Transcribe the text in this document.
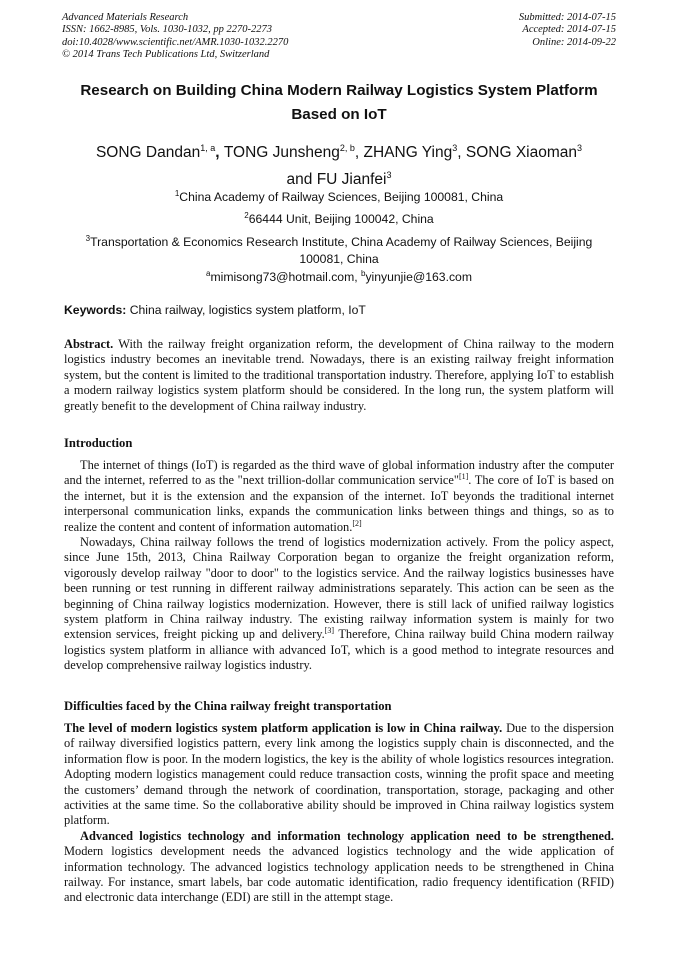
Advanced Materials Research
ISSN: 1662-8985, Vols. 1030-1032, pp 2270-2273
doi:10.4028/www.scientific.net/AMR.1030-1032.2270
© 2014 Trans Tech Publications Ltd, Switzerland
Submitted: 2014-07-15
Accepted: 2014-07-15
Online: 2014-09-22
Research on Building China Modern Railway Logistics System Platform
Based on IoT
SONG Dandan$^{1, a}$, TONG Junsheng$^{2, b}$, ZHANG Ying$^3$, SONG Xiaoman$^3$
and FU Jianfei$^3$
$^1$China Academy of Railway Sciences, Beijing 100081, China
$^2$66444 Unit, Beijing 100042, China
$^3$Transportation & Economics Research Institute, China Academy of Railway Sciences, Beijing 100081, China
$^a$mimisong73@hotmail.com, $^b$yinyunjie@163.com
Keywords: China railway, logistics system platform, IoT

Abstract. With the railway freight organization reform, the development of China railway to the modern logistics industry becomes an inevitable trend. Nowadays, there is an existing railway freight information system, but the content is limited to the traditional transportation industry. Therefore, applying IoT to establish a modern railway logistics system platform should be considered. In the long run, the system platform will greatly benefit to the development of China railway industry.

Introduction

The internet of things (IoT) is regarded as the third wave of global information industry after the computer and the internet, referred to as the "next trillion-dollar communication service"[1]. The core of IoT is based on the internet, but it is the extension and the expansion of the internet. IoT beyonds the traditional internet interpersonal communication links, expands the communication links between things and things, so as to realize the content and content of information automation.[2]

Nowadays, China railway follows the trend of logistics modernization actively. From the policy aspect, since June 15th, 2013, China Railway Corporation began to organize the freight organization reform, vigorously develop railway "door to door" to the logistics service. And the railway logistics businesses have been running or test running in different railway administrations separately. This action can be seen as the beginning of China railway logistics modernization. However, there is still lack of unified railway logistics system platform in China railway industry. The existing railway information system is mainly for two extension services, freight picking up and delivery.[3] Therefore, China railway build China modern railway logistics system platform in alliance with advanced IoT, which is a good method to integrate resources and develop comprehensive railway logistics industry.

Difficulties faced by the China railway freight transportation

The level of modern logistics system platform application is low in China railway. Due to the dispersion of railway diversified logistics pattern, every link among the logistics supply chain is disconnected, and the information flow is poor. In the modern logistics, the key is the ability of whole logistics resources integration. Adopting modern logistics management could reduce transaction costs, winning the profit space and meeting the customers’ demand through the network of coordination, transportation, storage, packaging and other activities at the same time. So the collaborative ability should be improved in China railway logistics system platform.

Advanced logistics technology and information technology application need to be strengthened. Modern logistics development needs the advanced logistics technology and the wide application of information technology. The advanced logistics technology application needs to be strengthened in China railway. For instance, smart labels, bar code automatic identification, radio frequency identification (RFID) and electronic data interchange (EDI) are still in the attempt stage.
